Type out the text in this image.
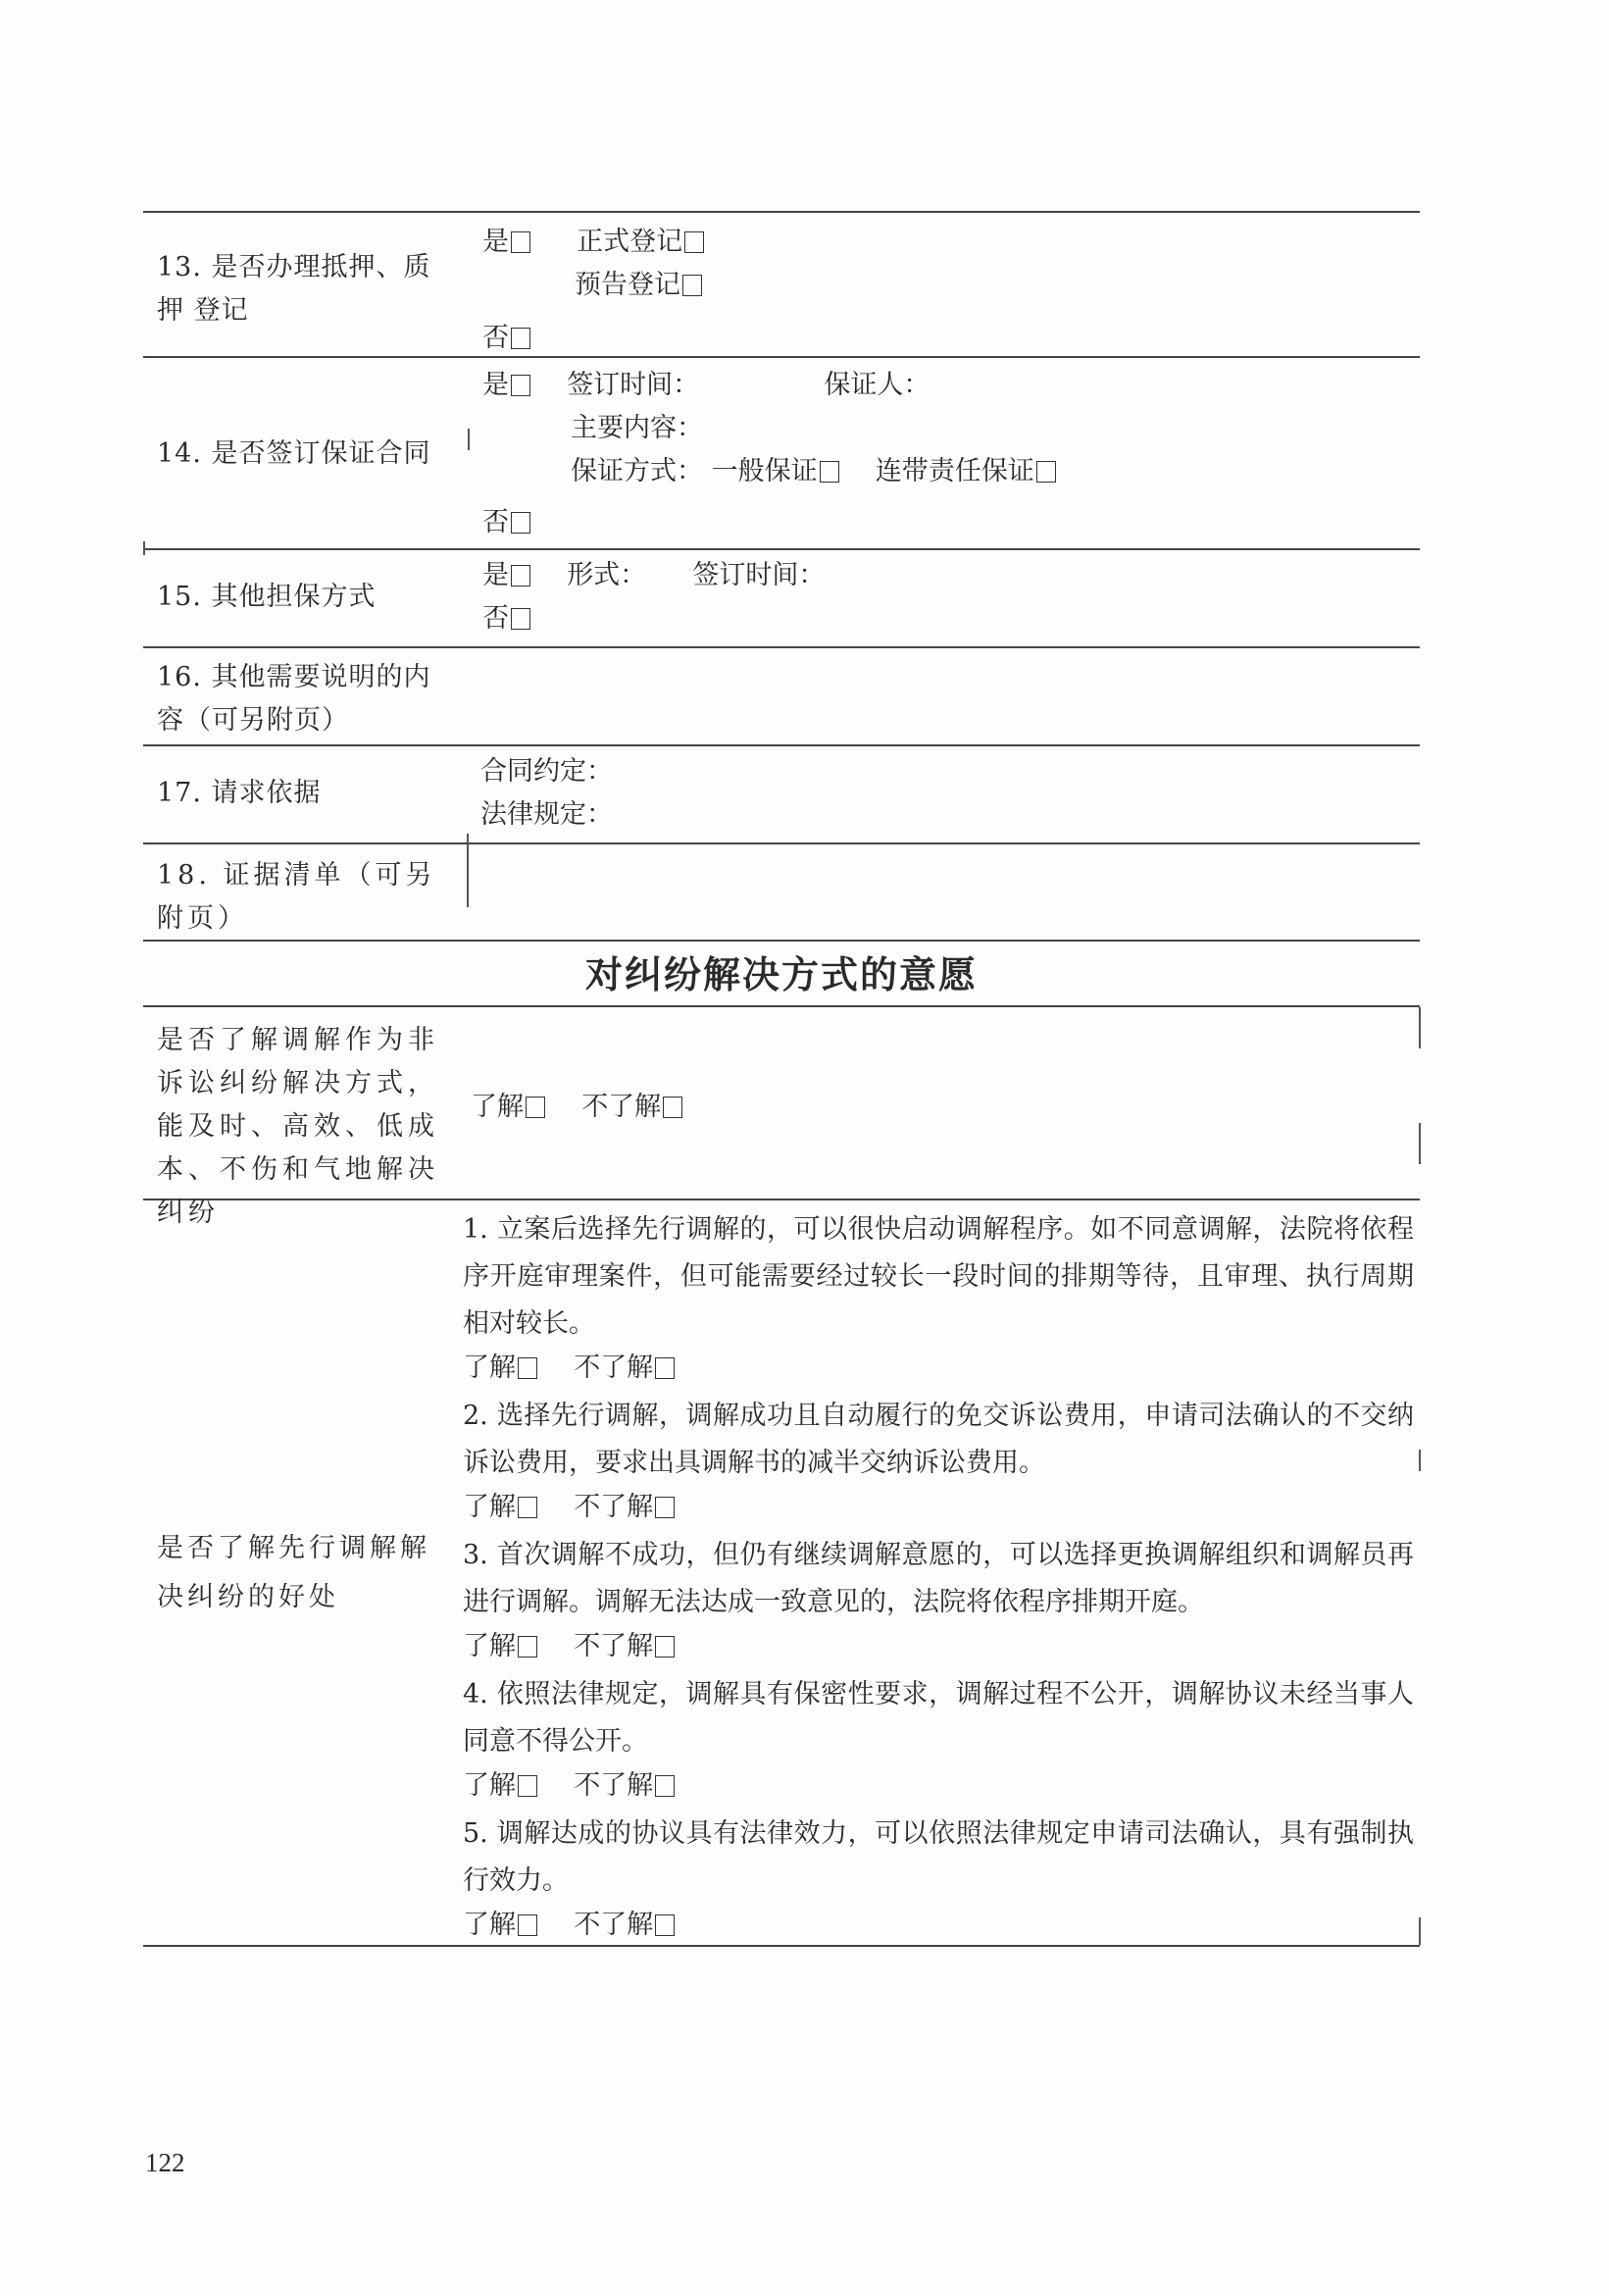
13. 是否办理抵押、质押 登记
是
	正式登记
预告登记
否
14. 是否签订保证合同
是 签订时间：	保证人：
主要内容：
保证方式： 一般保证
连带责任保证
否
15. 其他担保方式
是 形式： 签订时间：
否
16. 其他需要说明的内容（可另附页）
17. 请求依据
合同约定：
法律规定：
18. 证据清单（可另附页）
对纠纷解决方式的意愿
是否了解调解作为非诉讼纠纷解决方式，能及时、高效、低成本、不伤和气地解决纠纷
了解
不了解
是否了解先行调解解决纠纷的好处

1. 立案后选择先行调解的，可以很快启动调解程序。如不同意调解，法院将依程序开庭审理案件，但可能需要经过较长一段时间的排期等待，且审理、执行周期相对较长。

了解
不了解

2. 选择先行调解，调解成功且自动履行的免交诉讼费用，申请司法确认的不交纳诉讼费用，要求出具调解书的减半交纳诉讼费用。

了解
不了解

3. 首次调解不成功，但仍有继续调解意愿的，可以选择更换调解组织和调解员再进行调解。调解无法达成一致意见的，法院将依程序排期开庭。

了解
不了解

4. 依照法律规定，调解具有保密性要求，调解过程不公开，调解协议未经当事人同意不得公开。

了解
不了解

5. 调解达成的协议具有法律效力，可以依照法律规定申请司法确认，具有强制执行效力。

了解
不了解
122
